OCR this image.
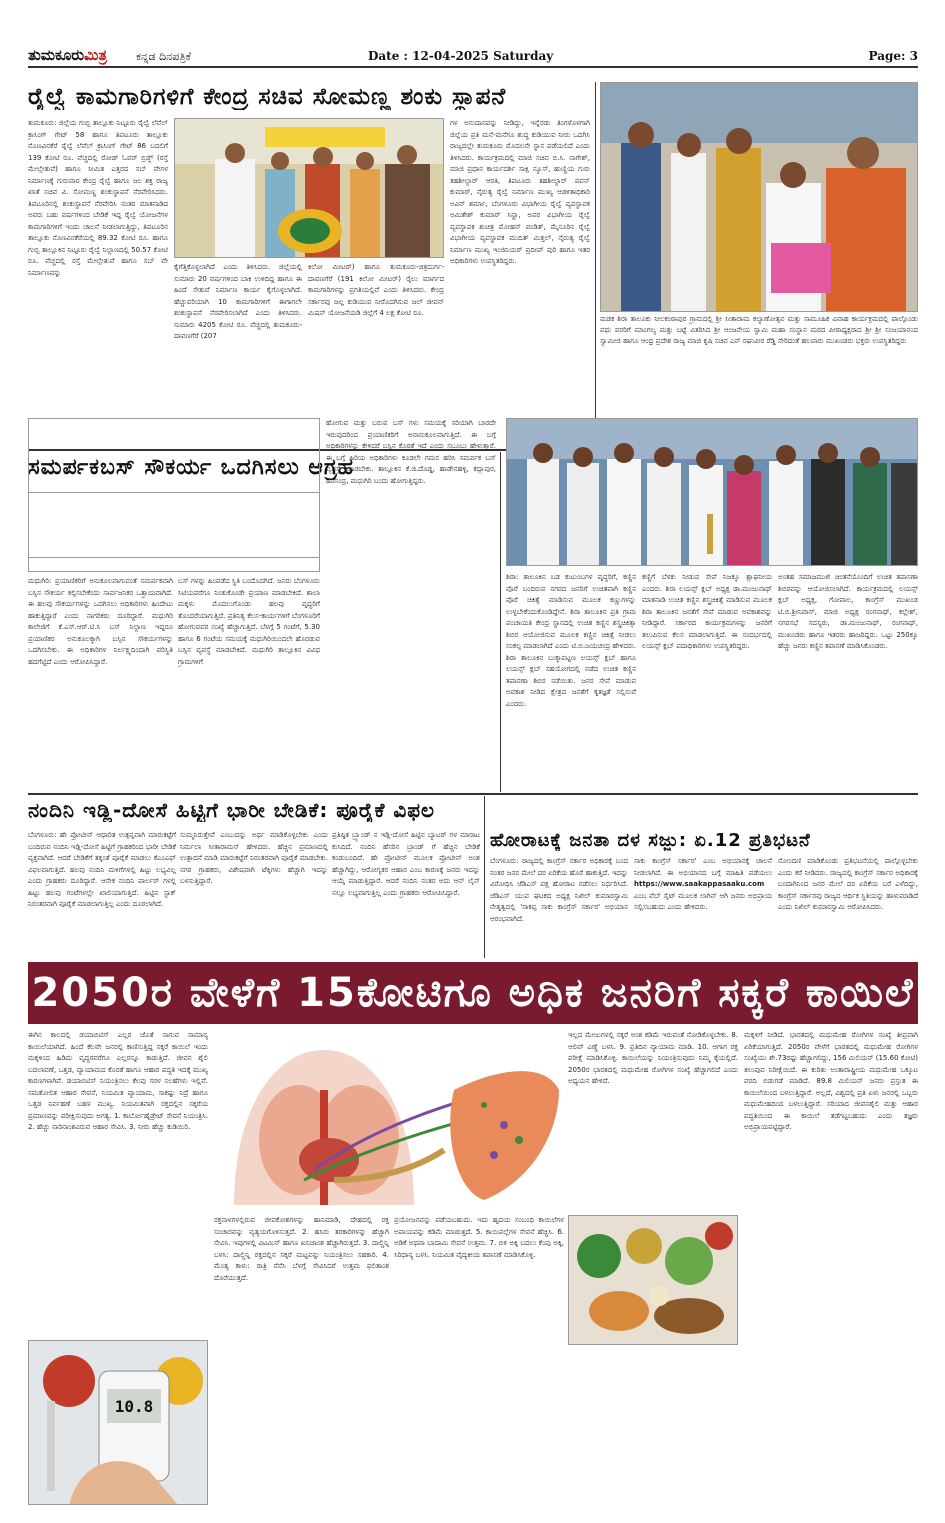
ತುಮಕೂರುಮಿತ್ರ	ಕನ್ನಡ ದಿನಪತ್ರಿಕೆ	Date : 12-04-2025 Saturday	Page: 3
ರೈಲ್ವೆ ಕಾಮಗಾರಿಗಳಿಗೆ ಕೇಂದ್ರ ಸಚಿವ ಸೋಮಣ್ಣ ಶಂಕು ಸ್ಥಾಪನೆ
ತುಮಕೂರು: ಜಿಲ್ಲೆಯ ಗುಬ್ಬಿ ತಾಲ್ಲೂಕು ನಿಟ್ಟೂರು ರೈಲ್ವೆ ಲೆವೆಲ್ ಕ್ರಾಸಿಂಗ್ ಗೇಟ್ 58 ಹಾಗೂ ತಿಪಟೂರು ತಾಲ್ಲೂಕು ನೊಣವಿನಕೆರೆ ರೈಲ್ವೆ ಲೆವೆಲ್ ಕ್ರಾಸಿಂಗ್ ಗೇಟ್ 86 ಬದಲಿಗೆ 139 ಕೋಟಿ ರೂ. ವೆಚ್ಚದಲ್ಲಿ ರೋಡ್ ಓವರ್ ಬ್ರಿಡ್ಜ್ (ರಸ್ತೆ ಮೇಲ್ಸೇತುವೆ) ಹಾಗೂ ಸೀಮಿತ ಎತ್ತರದ ಸಬ್ ವೇಗಳ ನಿರ್ಮಾಣಕ್ಕೆ ಗುರುವಾರ ಕೇಂದ್ರ ರೈಲ್ವೆ ಹಾಗೂ ಜಲ ಶಕ್ತಿ ರಾಜ್ಯ ಖಾತೆ ಸಚಿವ ವಿ. ಸೋಮಣ್ಣ ಶಂಕುಸ್ಥಾಪನೆ ನೆರವೇರಿಸಿದರು. ತಿಪಟೂರಿನಲ್ಲಿ ಶಂಕುಸ್ಥಾಪನೆ ನೆರವೇರಿಸಿ ನಂತರ ಮಾತನಾಡಿದ ಅವರು ಬಹು ವರ್ಷಗಳಿಂದ ಬೇಡಿಕೆ ಇದ್ದ ರೈಲ್ವೆ ಯೋಜನೆಗಳ ಕಾಮಗಾರಿಗಳಿಗೆ ಇಂದು ಚಾಲನೆ ನೀಡಲಾಗುತ್ತಿದ್ದು, ತಿಪಟೂರಿನ ತಾಲ್ಲೂಕು ನೊಣವಿನಕೆರೆಯಲ್ಲಿ 89.32 ಕೋಟಿ ರೂ. ಹಾಗೂ ಗುಬ್ಬಿ ತಾಲ್ಲೂಕಿನ ನಿಟ್ಟೂರು ರೈಲ್ವೆ ನಿಲ್ದಾಣದಲ್ಲಿ 50.57 ಕೋಟಿ ರೂ. ವೆಚ್ಚದಲ್ಲಿ ರಸ್ತೆ ಮೇಲ್ಸೇತುವೆ ಹಾಗೂ ಸಬ್ ವೇ ನಿರ್ಮಾಣವನ್ನು
ಕೈಗೆತ್ತಿಕೊಳ್ಳಲಾಗಿದೆ ಎಂದು ತಿಳಿಸಿದರು. ಜಿಲ್ಲೆಯಲ್ಲಿ ಸುಮಾರು 20 ವರ್ಷಗಳಿಂದ ಬಾಕಿ ಉಳಿದಿದ್ದ ಹಾಗೂ ಈ ಹಿಂದೆ ಸೇತುವೆ ನಿರ್ಮಾಣ ಕಾರ್ಯ ಕೈಗೊಳ್ಳಲಾಗಿದೆ. ಹೆಚ್ಚುವರಿಯಾಗಿ 10 ಕಾಮಗಾರಿಗಳಿಗೆ ಈಗಾಗಲೇ ಶಂಕುಸ್ಥಾಪನೆ ನೆರವೇರಿಸಲಾಗಿದೆ ಎಂದು ತಿಳಿಸಿದರು. ಸುಮಾರು 4205 ಕೋಟಿ ರೂ. ವೆಚ್ಚದಲ್ಲಿ ತುಮಕೂರು-ದಾವಣಗೆರೆ (207
ಕಿಲೋ ಮೀಟರ್) ಹಾಗೂ ತುಮಕೂರು-ಚಿತ್ರದುರ್ಗ-ದಾವಣಗೆರೆ (191 ಕಿಲೋ ಮೀಟರ್) ರೈಲು ಮಾರ್ಗದ ಕಾಮಗಾರಿಗಳನ್ನು ಪ್ರಗತಿಯಲ್ಲಿವೆ ಎಂದು ತಿಳಿಸಿದರು. ಕೇಂದ್ರ ಸರ್ಕಾರವು ಜಲ್ಲ ಕುಡಿಯುವ ನೀರೊದಗಿಸುವ ಜಲ್ ಜೀವನ್ ಮಿಷನ್ ಯೋಜನೆಯಡಿ ಜಿಲ್ಲೆಗೆ 4 ಲಕ್ಷ ಕೋಟಿ ರೂ.
ಗಳ ಅನುದಾನವನ್ನು ನೀಡಿದ್ದು, ಇನ್ನೆರಡು ತಿಂಗಳೊಳಗಾಗಿ ಜಿಲ್ಲೆಯ ಪ್ರತಿ ಮನೆ-ಮನೆಗೂ ಶುದ್ಧ ಕುಡಿಯುವ ನೀರು ಒದಗಿಸಿ ರಾಜ್ಯದಲ್ಲೇ ತುಮಕೂರು ಮೊದಲನೇ ಸ್ಥಾನ ಪಡೆಯಲಿದೆ ಎಂದು ತಿಳಿಸಿದರು. ಕಾರ್ಯಕ್ರಮದಲ್ಲಿ ಮಾಜಿ ಸಚಿವ ಬಿ.ಸಿ. ನಾಗೇಶ್, ಮಾಜಿ ಪ್ರಧಾನ ಕಾರ್ಯದರ್ಶಿ ಸಾಕ್ಷಿ ನ್ಯೂಸ್, ಹುಣ್ಣಿಯ ಗುರು ತಹಶೀಲ್ದಾರ್ ಆರತಿ, ತಿಪಟೂರು ತಹಶೀಲ್ದಾರ್ ಪವನ್ ಕುಮಾರ್, ನೈರುತ್ಯ ರೈಲ್ವೆ ನಿರ್ಮಾಣ ಮುಖ್ಯ ಆಡಳಿತಾಧಿಕಾರಿ ಅವಿನ್ ಶರ್ಮಾ, ಬೆಂಗಳೂರು ವಿಭಾಗೀಯ ರೈಲ್ವೆ ವ್ಯವಸ್ಥಾಪಕ ಅಮಿತೇಶ್ ಕುಮಾರ್ ಸಿನ್ಹಾ, ಅಪರ ವಿಭಾಗೀಯ ರೈಲ್ವೆ ವ್ಯವಸ್ಥಾಪಕ ಶುಚಿತ್ರ ಮೋಹನ್ ಪಂಡಿತ್, ಮೈಸೂರಿನ ರೈಲ್ವೆ ವಿಭಾಗೀಯ ವ್ಯವಸ್ಥಾಪಕ ಮುದಿತ್ ಮಿತ್ತಲ್, ನೈರುತ್ಯ ರೈಲ್ವೆ ನಿರ್ಮಾಣ ಮುಖ್ಯ ಇಂಜಿನಿಯರ್ ಪ್ರದೀಪ್ ಪುರಿ ಹಾಗೂ ಇತರ ಅಧಿಕಾರಿಗಳು ಉಪಸ್ಥಿತರಿದ್ದರು.
ಮಡಕ ಶಿರಾ ತಾಲೂಕು ನೀಲಕಂಠಾಪುರ ಗ್ರಾಮದಲ್ಲಿ ಶ್ರೀ ಸೀತಾರಾಮ ಕಲ್ಯಾಣೋತ್ಸವ ಮತ್ತು ಸಾಮೂಹಿಕ ವಿವಾಹ ಕಾರ್ಯಕ್ರಮದಲ್ಲಿ ಪಾಲ್ಗೊಂಡು ವಧು ವರರಿಗೆ ಮಾಂಗಲ್ಯ ಮತ್ತು ಬಟ್ಟೆ ವಿತರಿಸಿದ ಶ್ರೀ ಆಂಜನೇಯ ಸ್ವಾಮಿ ಮಹಾ ಸಂಸ್ಥಾನ ಮಠದ ಪೀಠಾಧ್ಯಕ್ಷರಾದ ಶ್ರೀ ಶ್ರೀ ಸಂಜಯಾನಂದ ಸ್ವಾಮೀಜಿ ಹಾಗೂ ಆಂಧ್ರ ಪ್ರದೇಶ ರಾಜ್ಯ ಮಾಜಿ ಕೃಷಿ ಸಚಿವ ಎನ್ ರಘುವೀರ ರೆಡ್ಡಿ ಸೇರಿದಂತೆ ಹಲವಾರು ಮುಖಂಡರು ಭಕ್ತರು ಉಪಸ್ಥಿತರಿದ್ದರು
ಸಮರ್ಪಕಬಸ್ ಸೌಕರ್ಯ ಒದಗಿಸಲು ಆಗ್ರಹ
ಹೋಗುವ ಮತ್ತು ಬರುವ ಬಸ್ ಗಳು ಸಮಯಕ್ಕೆ ಸರಿಯಾಗಿ ಬಾರದೇ ಇರುವುದರಿಂದ ಪ್ರಯಾಣಿಕರಿಗೆ ಅನಾನುಕೂಲವಾಗುತ್ತಿದೆ. ಈ ಬಗ್ಗೆ ಅಧಿಕಾರಿಗಳನ್ನು ಕೇಳಿದರೆ ಬಸ್ಸಿನ ಕೊರತೆ ಇದೆ ಎಂದು ಸಬೂಬು ಹೇಳುತ್ತಾರೆ. ಈ ಬಗ್ಗೆ ಹಿರಿಯ ಅಧಿಕಾರಿಗಳು ಕೂಡಲೇ ಗಮನ ಹರಿಸಿ ಸಮರ್ಪಕ ಬಸ್ ವ್ಯವಸ್ಥೆ ಮಾಡಬೇಕು. ತಾಲ್ಲೂಕಿನ ಕೆ.ಜಿ.ದೊಡ್ಡ, ಹಾಡೇನಹಳ್ಳಿ, ಕದ್ಲಾಪುರ, ಹರಿಸಂದ್ರ, ಮಧುಗಿರಿ ಬಂದು ಹೋಗುತ್ತಿದ್ದರು.
ಮಧುಗಿರಿ: ಪ್ರಯಾಣಿಕರಿಗೆ ಅನುಕೂಲವಾಗುವಂತೆ ಸಮರ್ಪಕವಾಗಿ ಬಸ್ಸಿನ ಸೌಕರ್ಯ ಕಲ್ಪಿಸಬೇಕೆಂದು ಸಾರ್ವಜನಿಕರ ಒತ್ತಾಯವಾಗಿದೆ. ಈ ಹಲವು ಸೌಕರ್ಯಗಳನ್ನು ಒದಗಿಸಲು ಅಧಿಕಾರಿಗಳು ಹಿಂದೇಟು ಹಾಕುತ್ತಿದ್ದಾರೆ ಎಂದು ನಾಗರಿಕರು ದೂರಿದ್ದಾರೆ. ಮಧುಗಿರಿ ಕಾಲೇಜಿಗೆ ಕೆ.ಎಸ್.ಆರ್.ಟಿ.ಸಿ ಬಸ್ ನಿಲ್ದಾಣ ಇದ್ದರೂ ಪ್ರಯಾಣಿಕರ ಅನುಕೂಲಕ್ಕಾಗಿ ಬಸ್ಸಿನ ಸೌಕರ್ಯಗಳನ್ನು ಒದಗಿಸಬೇಕು. ಈ ಅಧಿಕಾರಿಗಳ ನಿರ್ಲಕ್ಷ್ಯದಿಂದಾಗಿ ಪರಿಸ್ಥಿತಿ ಹದಗೆಟ್ಟಿದೆ ಎಂದು ಆರೋಪಿಸಿದ್ದಾರೆ.
ಬಸ್ ಗಳನ್ನು ಹಿಂಪಡೆದ ಸ್ಥಿತಿ ಬಂದೊದಗಿದೆ. ಜನರು ಬೆಂಗಳೂರು ಸಿಟಿಯವರೆಗೂ ನಿಂತುಕೊಂಡೇ ಪ್ರಯಾಣ ಮಾಡಬೇಕಿದೆ. ಶಾಲಾ ಮಕ್ಕಳು ಮೊದಲುಗೊಂಡು ಹಲವು ವೃದ್ಧರಿಗೆ ತೊಂದರೆಯಾಗುತ್ತಿದೆ. ಪ್ರತಿನಿತ್ಯ ಕೆಲಸ-ಕಾರ್ಯಗಳಿಗೆ ಬೆಂಗಳೂರಿಗೆ ಹೋಗುವವರ ಸಂಖ್ಯೆ ಹೆಚ್ಚಾಗುತ್ತಿದೆ. ಬೆಳಗ್ಗೆ 5 ಗಂಟೆಗೆ, 5.30 ಹಾಗೂ 6 ಗಂಟೆಯ ಸಮಯಕ್ಕೆ ಮಧುಗಿರಿಯಿಂದಲೇ ಹೊರಡುವ ಬಸ್ಸಿನ ವ್ಯವಸ್ಥೆ ಮಾಡಬೇಕಿದೆ. ಮಧುಗಿರಿ ತಾಲ್ಲೂಕಿನ ವಿವಿಧ ಗ್ರಾಮಗಳಿಗೆ
ಶಿರಾ: ತಾಲೂಕಿನ ಬಡ ಕುಟುಂಬಗಳ ವೃದ್ಧರಿಗೆ, ಕಣ್ಣಿನ ಪೊರೆ ಬಂದಿರುವ ನಗರದ ಜನರಿಗೆ ಉಚಿತವಾಗಿ ಕಣ್ಣಿನ ಪೊರೆ ಚಿಕಿತ್ಸೆ ಮಾಡಿಸುವ ಮೂಲಕ ಕಣ್ಣುಗಳನ್ನು ಉಳ್ಳಬೇಕೆಂದುಕೊಂಡಿದ್ದೇನೆ. ಶಿರಾ ತಾಲೂಕಿನ ಪ್ರತಿ ಗ್ರಾಮ ಪಂಚಾಯತಿ ಕೇಂದ್ರ ಸ್ಥಾನದಲ್ಲಿ ಉಚಿತ ಕಣ್ಣಿನ ಶಸ್ತ್ರಚಿಕಿತ್ಸಾ ಶಿಬಿರ ಆಯೋಜಿಸುವ ಮೂಲಕ ಕಣ್ಣಿನ ಚಿಕಿತ್ಸೆ ನೀಡಲು ಸಂಕಲ್ಪ ಮಾಡಲಾಗಿದೆ ಎಂದು ಟಿ.ಬಿ.ಜಯಚಂದ್ರ ಹೇಳಿದರು. ಶಿರಾ ತಾಲೂಕಿನ ಬುಕ್ಕಾಪಟ್ಟಣ ಲಯನ್ಸ್ ಕ್ಲಬ್ ಹಾಗೂ ಲಯನ್ಸ್ ಕ್ಲಬ್ ಸಹಯೋಗದಲ್ಲಿ ನಡೆದ ಉಚಿತ ಕಣ್ಣಿನ ತಪಾಸಣಾ ಶಿಬಿರ ನಡೆಯಿತು. ಜನರ ಸೇವೆ ಮಾಡುವ ಅವಕಾಶ ನೀಡಿದ ಕ್ಷೇತ್ರದ ಜನತೆಗೆ ಕೃತಜ್ಞತೆ ಸಲ್ಲಿಸುವೆ ಎಂದರು.
ಕಣ್ಣಿಗೆ ಬೆಳಕು ನೀಡುವ ಸೇವೆ ನಿಜಕ್ಕೂ ಶ್ಲಾಘನೀಯ ಎಂದರು. ಶಿರಾ ಲಯನ್ಸ್ ಕ್ಲಬ್ ಅಧ್ಯಕ್ಷ ಡಾ.ಮಂಜುನಾಥ್ ಮಾತನಾಡಿ ಉಚಿತ ಕಣ್ಣಿನ ಶಸ್ತ್ರಚಿಕಿತ್ಸೆ ಮಾಡಿಸುವ ಮೂಲಕ ಶಿರಾ ತಾಲೂಕಿನ ಜನತೆಗೆ ಸೇವೆ ಮಾಡುವ ಅವಕಾಶವನ್ನು ನೀಡಿದ್ದಾರೆ. ಸರ್ಕಾರದ ಕಾರ್ಯಕ್ರಮಗಳನ್ನು ಜನರಿಗೆ ತಲುಪಿಸುವ ಕೆಲಸ ಮಾಡಲಾಗುತ್ತಿದೆ. ಈ ಸಂದರ್ಭದಲ್ಲಿ ಲಯನ್ಸ್ ಕ್ಲಬ್ ಪದಾಧಿಕಾರಿಗಳು ಉಪಸ್ಥಿತರಿದ್ದರು.
ಅಂತಹ ಸಮಾಜಮುಖಿ ಚಿಂತನೆಯೊಂದಿಗೆ ಉಚಿತ ತಪಾಸಣಾ ಶಿಬಿರವನ್ನು ಆಯೋಜಿಸಲಾಗಿದೆ. ಕಾರ್ಯಕ್ರಮದಲ್ಲಿ ಲಯನ್ಸ್ ಕ್ಲಬ್ ಅಧ್ಯಕ್ಷ, ಗೋಪಾಲ, ಕಾಂಗ್ರೆಸ್ ಮುಖಂಡ ಟಿ.ಬಿ.ಶ್ರೀನಿವಾಸ್, ಮಾಜಿ ಅಧ್ಯಕ್ಷ ರಂಗನಾಥ್, ಕಲ್ಲೇಶ್, ನಗರಸಭೆ ಸದಸ್ಯರು, ಡಾ.ಮಂಜುನಾಥ್, ರಂಗನಾಥ್, ಮುಖಂಡರು ಹಾಗೂ ಇತರರು ಹಾಜರಿದ್ದರು. ಒಟ್ಟು 250ಕ್ಕೂ ಹೆಚ್ಚು ಜನರು ಕಣ್ಣಿನ ತಪಾಸಣೆ ಮಾಡಿಸಿಕೊಂಡರು.
ನಂದಿನಿ ಇಡ್ಲಿ-ದೋಸೆ ಹಿಟ್ಟಿಗೆ ಭಾರೀ ಬೇಡಿಕೆ: ಪೂರೈಕೆ ವಿಫಲ
ಬೆಂಗಳೂರು: ಹೇ ಪ್ರೋಟೀನ್ ಆಧಾರಿತ ಉತ್ಪನ್ನವಾಗಿ ಮಾರುಕಟ್ಟೆಗೆ ಬಂದಿರುವ ನಂದಿನಿ ಇಡ್ಲಿ-ದೋಸೆ ಹಿಟ್ಟಿಗೆ ಗ್ರಾಹಕರಿಂದ ಭಾರೀ ಬೇಡಿಕೆ ವ್ಯಕ್ತವಾಗಿದೆ. ಆದರೆ ಬೇಡಿಕೆಗೆ ತಕ್ಕಂತೆ ಪೂರೈಕೆ ಮಾಡಲು ಕೆಎಂಎಫ್ ವಿಫಲವಾಗುತ್ತಿದೆ. ಹಲವು ನಂದಿನಿ ಮಳಿಗೆಗಳಲ್ಲಿ ಹಿಟ್ಟು ಲಭ್ಯವಿಲ್ಲ ಎಂದು ಗ್ರಾಹಕರು ದೂರಿದ್ದಾರೆ. ಆನೇಕ ನಂದಿನಿ ಪಾರ್ಲರ್ ಗಳಲ್ಲಿ ಹಿಟ್ಟು ಹಲವು ಗಂಟೆಗಳಲ್ಲೇ ಖಾಲಿಯಾಗುತ್ತಿದೆ. ಹಿಟ್ಟಿನ ಸ್ಟಾಕ್ ನಿರಂತರವಾಗಿ ಪೂರೈಕೆ ಮಾಡಲಾಗುತ್ತಿಲ್ಲ ಎಂದು ದೂರಲಾಗಿದೆ.
ಸುಮ್ಮನಿರುತ್ತೇವೆ ಎಂಬುದನ್ನು ಅರ್ಥ ಮಾಡಿಕೊಳ್ಳಬೇಕು ಎಂದು ನಿರ್ಮಲಾ ಸೀತಾರಾಮನ್ ಹೇಳಿದರು. ಹೆಚ್ಚಿನ ಪ್ರಮಾಣದಲ್ಲಿ ಉತ್ಪಾದನೆ ಮಾಡಿ ಮಾರುಕಟ್ಟೆಗೆ ನಿರಂತರವಾಗಿ ಪೂರೈಕೆ ಮಾಡಬೇಕು. ನಗರ ಗ್ರಾಹಕರು, ವಿಶೇಷವಾಗಿ ಟೆಕ್ಕಿಗಳು ಹೆಚ್ಚಾಗಿ ಇದನ್ನು ಬಳಸುತ್ತಿದ್ದಾರೆ.
ಪ್ರತಿಷ್ಠಿತ ಬ್ರ್ಯಾಂಡ್ ನ ಇಡ್ಲಿ-ದೋಸೆ ಹಿಟ್ಟಿನ ಬ್ಯಾಟರ್ ಗಳ ಮಾರಾಟ ಕುಸಿದಿದೆ. ನಂದಿನಿ ಹೆಸರಿನ ಬ್ರಾಂಡ್ ಗೆ ಹೆಚ್ಚಿನ ಬೇಡಿಕೆ ಕಂಡುಬಂದಿದೆ. ಹೇ ಪ್ರೋಟೀನ್ ಮೂಲಕ ಪ್ರೋಟೀನ್ ಅಂಶ ಹೆಚ್ಚಾಗಿದ್ದು, ಆರೋಗ್ಯಕರ ಆಹಾರ ಎಂಬ ಕಾರಣಕ್ಕೆ ಜನರು ಇದನ್ನು ಆಯ್ಕೆ ಮಾಡುತ್ತಿದ್ದಾರೆ. ಆದರೆ ನಂದಿನಿ ನಂತರ ಅದು ಆನ್ ಲೈನ್ ನಲ್ಲೂ ಲಭ್ಯವಾಗುತ್ತಿಲ್ಲ ಎಂದು ಗ್ರಾಹಕರು ಆರೋಪಿಸಿದ್ದಾರೆ.
ಹೋರಾಟಕ್ಕೆ ಜನತಾ ದಳ ಸಜ್ಜು: ಏ.12 ಪ್ರತಿಭಟನೆ
ಬೆಂಗಳೂರು: ರಾಜ್ಯದಲ್ಲಿ ಕಾಂಗ್ರೆಸ್ ಸರ್ಕಾರ ಅಧಿಕಾರಕ್ಕೆ ಬಂದ ನಂತರ ಜನರ ಮೇಲೆ ದರ ಏರಿಕೆಯ ಹೊರೆ ಹಾಕುತ್ತಿದೆ. ಇದನ್ನು ವಿರೋಧಿಸಿ ಜೆಡಿಎಸ್ ಪಕ್ಷ ಹೋರಾಟ ನಡೆಸಲು ನಿರ್ಧರಿಸಿದೆ. ಜೆಡಿಎಸ್ ಯುವ ಘಟಕದ ಅಧ್ಯಕ್ಷ ನಿಖಿಲ್ ಕುಮಾರಸ್ವಾಮಿ ನೇತೃತ್ವದಲ್ಲಿ 'ಸಾಕಪ್ಪ ಸಾಕು ಕಾಂಗ್ರೆಸ್ ಸರ್ಕಾರ' ಅಭಿಯಾನ ಆರಂಭವಾಗಿದೆ.
ಸಾಕು ಕಾಂಗ್ರೆಸ್ ಸರ್ಕಾರ' ಎಂಬ ಅಭಿಯಾನಕ್ಕೆ ಚಾಲನೆ ನೀಡಲಾಗಿದೆ. ಈ ಅಭಿಯಾನದ ಬಗ್ಗೆ ಮಾಹಿತಿ ಪಡೆಯಲು https://www.saakappasaaku.com ಎಂಬ ವೆಬ್ ಸೈಟ್ ಮೂಲಕ ಲಾಗಿನ್ ಆಗಿ ಜನರು ಅಭಿಪ್ರಾಯ ಸಲ್ಲಿಸಬಹುದು ಎಂದು ಹೇಳಿದರು.
ನೋಂದಣಿ ಮಾಡಿಕೊಂಡು ಪ್ರತಿಭಟನೆಯಲ್ಲಿ ಪಾಲ್ಗೊಳ್ಳಬೇಕು ಎಂದು ಕರೆ ನೀಡಿದರು. ರಾಜ್ಯದಲ್ಲಿ ಕಾಂಗ್ರೆಸ್ ಸರ್ಕಾರ ಅಧಿಕಾರಕ್ಕೆ ಬಂದಾಗಿನಿಂದ ಜನರ ಮೇಲೆ ದರ ಏರಿಕೆಯ ಬರೆ ಎಳೆದಿದ್ದು, ಕಾಂಗ್ರೆಸ್ ಸರ್ಕಾರವು ರಾಜ್ಯದ ಆರ್ಥಿಕ ಸ್ಥಿತಿಯನ್ನು ಹಾಳುಮಾಡಿದೆ ಎಂದು ನಿಖಿಲ್ ಕುಮಾರಸ್ವಾಮಿ ಆರೋಪಿಸಿದರು.
2050ರ ವೇಳೆಗೆ 15ಕೋಟಿಗೂ ಅಧಿಕ ಜನರಿಗೆ ಸಕ್ಕರೆ ಕಾಯಿಲೆ
ಈಗಿನ ಕಾಲದಲ್ಲಿ ಡಯಾಬಿಟಿಸ್ ಎಲ್ಲರ ಜೊತೆ ಸಾಗುವ ಸಾಮಾನ್ಯ ಕಾಯಿಲೆಯಾಗಿದೆ. ಹಿಂದೆ ಕೆಲವೇ ಜನರಲ್ಲಿ ಕಾಣಿಸುತ್ತಿದ್ದ ಸಕ್ಕರೆ ಕಾಯಿಲೆ ಇಂದು ಮಕ್ಕಳಿಂದ ಹಿಡಿದು ವೃದ್ಧರವರೆಗೂ ಎಲ್ಲರನ್ನೂ ಕಾಡುತ್ತಿದೆ. ಜೀವನ ಶೈಲಿ ಬದಲಾವಣೆ, ಒತ್ತಡ, ವ್ಯಾಯಾಮದ ಕೊರತೆ ಹಾಗೂ ಆಹಾರ ಪದ್ಧತಿ ಇದಕ್ಕೆ ಮುಖ್ಯ ಕಾರಣಗಳಾಗಿವೆ. ಡಯಾಬಿಟಿಸ್ ನಿಯಂತ್ರಿಸಲು ಕೆಲವು ಸರಳ ಸಲಹೆಗಳು ಇಲ್ಲಿವೆ. ಸಮತೋಲಿತ ಆಹಾರ ಸೇವನೆ, ನಿಯಮಿತ ವ್ಯಾಯಾಮ, ಸಾಕಷ್ಟು ನಿದ್ರೆ ಹಾಗೂ ಒತ್ತಡ ನಿರ್ವಹಣೆ ಬಹಳ ಮುಖ್ಯ. ನಿಯಮಿತವಾಗಿ ರಕ್ತದಲ್ಲಿನ ಸಕ್ಕರೆಯ ಪ್ರಮಾಣವನ್ನು ಪರೀಕ್ಷಿಸುವುದು ಅಗತ್ಯ. 1. ಕಾರ್ಬೋಹೈಡ್ರೇಟ್ ಸೇವನೆ ನಿಯಂತ್ರಿಸಿ. 2. ಹೆಚ್ಚು ನಾರಿನಾಂಶವಿರುವ ಆಹಾರ ಸೇವಿಸಿ. 3. ನೀರು ಹೆಚ್ಚು ಕುಡಿಯಿರಿ.
ರಕ್ತನಾಳಗಳಲ್ಲಿರುವ ಜೀವಕೋಶಗಳನ್ನು ಹಾನಿಮಾಡಿ, ದೇಹದಲ್ಲಿ ರಕ್ತ ಸಂಚಾರವನ್ನು ವ್ಯತ್ಯಯಗೊಳಿಸುತ್ತದೆ. 2. ಹಸಿರು ತರಕಾರಿಗಳನ್ನು ಹೆಚ್ಚಾಗಿ ಸೇವಿಸಿ. ಇವುಗಳಲ್ಲಿ ವಿಟಮಿನ್ ಹಾಗೂ ಖನಿಜಾಂಶ ಹೆಚ್ಚಾಗಿರುತ್ತದೆ. 3. ದಾಲ್ಚಿನ್ನಿ ಬಳಸಿ: ದಾಲ್ಚಿನ್ನಿ ರಕ್ತದಲ್ಲಿನ ಸಕ್ಕರೆ ಮಟ್ಟವನ್ನು ನಿಯಂತ್ರಿಸಲು ಸಹಕಾರಿ. 4. ಮೆಂತ್ಯ ಕಾಳು: ರಾತ್ರಿ ನೆನೆಸಿ ಬೆಳಗ್ಗೆ ಸೇವಿಸಿದರೆ ಉತ್ತಮ ಫಲಿತಾಂಶ ದೊರೆಯುತ್ತದೆ.
ಪ್ರಯೋಜನವನ್ನು ಪಡೆಯಬಹುದು. ಇದು ಹೃದಯ ಸಂಬಂಧಿ ಕಾಯಿಲೆಗಳ ಅಪಾಯವನ್ನು ಕಡಿಮೆ ಮಾಡುತ್ತದೆ. 5. ಕಾಯಿಪಲ್ಲೆಗಳ ಸೇವನೆ ಹೆಚ್ಚಿಸಿ. 6. ಅಡಿಕೆ ಅಥವಾ ಬಾದಾಮಿ ಸೇವನೆ ಉತ್ತಮ. 7. ಬಿಳಿ ಅಕ್ಕಿ ಬದಲು ಕೆಂಪು ಅಕ್ಕಿ, ಸಿರಿಧಾನ್ಯ ಬಳಸಿ. ನಿಯಮಿತ ವೈದ್ಯಕೀಯ ತಪಾಸಣೆ ಮಾಡಿಸಿಕೊಳ್ಳಿ.
ಇಲ್ಲದ ಮೇಜುಗಳಲ್ಲಿ ಸಕ್ಕರೆ ಅಂಶ ಕಡಿಮೆ ಇರುವಂತೆ ನೋಡಿಕೊಳ್ಳಬೇಕು. 8. ಆಲಿವ್ ಎಣ್ಣೆ ಬಳಸಿ. 9. ಪ್ರತಿದಿನ ವ್ಯಾಯಾಮ ಮಾಡಿ. 10. ಆಗಾಗ ರಕ್ತ ಪರೀಕ್ಷೆ ಮಾಡಿಸಿಕೊಳ್ಳಿ. ಕಾಯಿಲೆಯನ್ನು ನಿಯಂತ್ರಿಸುವುದು ನಿಮ್ಮ ಕೈಯಲ್ಲಿದೆ. 2050ರ ಭಾರತದಲ್ಲಿ ಮಧುಮೇಹ ರೋಗಿಗಳ ಸಂಖ್ಯೆ ಹೆಚ್ಚಾಗಲಿದೆ ಎಂದು ಅಧ್ಯಯನ ಹೇಳಿದೆ.
ಮಕ್ಕಳಿಗೆ ನೀಡಿದೆ. ಭಾರತದಲ್ಲಿ ಮಧುಮೇಹ ರೋಗಿಗಳ ಸಂಖ್ಯೆ ತೀವ್ರವಾಗಿ ಏರಿಕೆಯಾಗುತ್ತಿದೆ. 2050ರ ವೇಳೆಗೆ ಭಾರತದಲ್ಲಿ ಮಧುಮೇಹ ರೋಗಿಗಳ ಸಂಖ್ಯೆಯು ಶೇ.73ರಷ್ಟು ಹೆಚ್ಚಾಗಲಿದ್ದು, 156 ಮಿಲಿಯನ್ (15.60 ಕೋಟಿ) ತಲುಪುವ ನಿರೀಕ್ಷೆಯಿದೆ. ಈ ಕುರಿತು ಅಂತಾರಾಷ್ಟ್ರೀಯ ಮಧುಮೇಹ ಒಕ್ಕೂಟ ವರದಿ ಬಿಡುಗಡೆ ಮಾಡಿದೆ. 89.8 ಮಿಲಿಯನ್ ಜನರು ಪ್ರಸ್ತುತ ಈ ಕಾಯಿಲೆಯಿಂದ ಬಳಲುತ್ತಿದ್ದಾರೆ. ಅಲ್ಲದೆ, ವಿಶ್ವದಲ್ಲಿ ಪ್ರತಿ ಏಳು ಜನರಲ್ಲಿ ಒಬ್ಬರು ಮಧುಮೇಹದಿಂದ ಬಳಲುತ್ತಿದ್ದಾರೆ. ಸರಿಯಾದ ಜೀವನಶೈಲಿ ಮತ್ತು ಆಹಾರ ಪದ್ಧತಿಯಿಂದ ಈ ಕಾಯಿಲೆ ತಡೆಗಟ್ಟಬಹುದು ಎಂದು ತಜ್ಞರು ಅಭಿಪ್ರಾಯಪಟ್ಟಿದ್ದಾರೆ.
10.8
